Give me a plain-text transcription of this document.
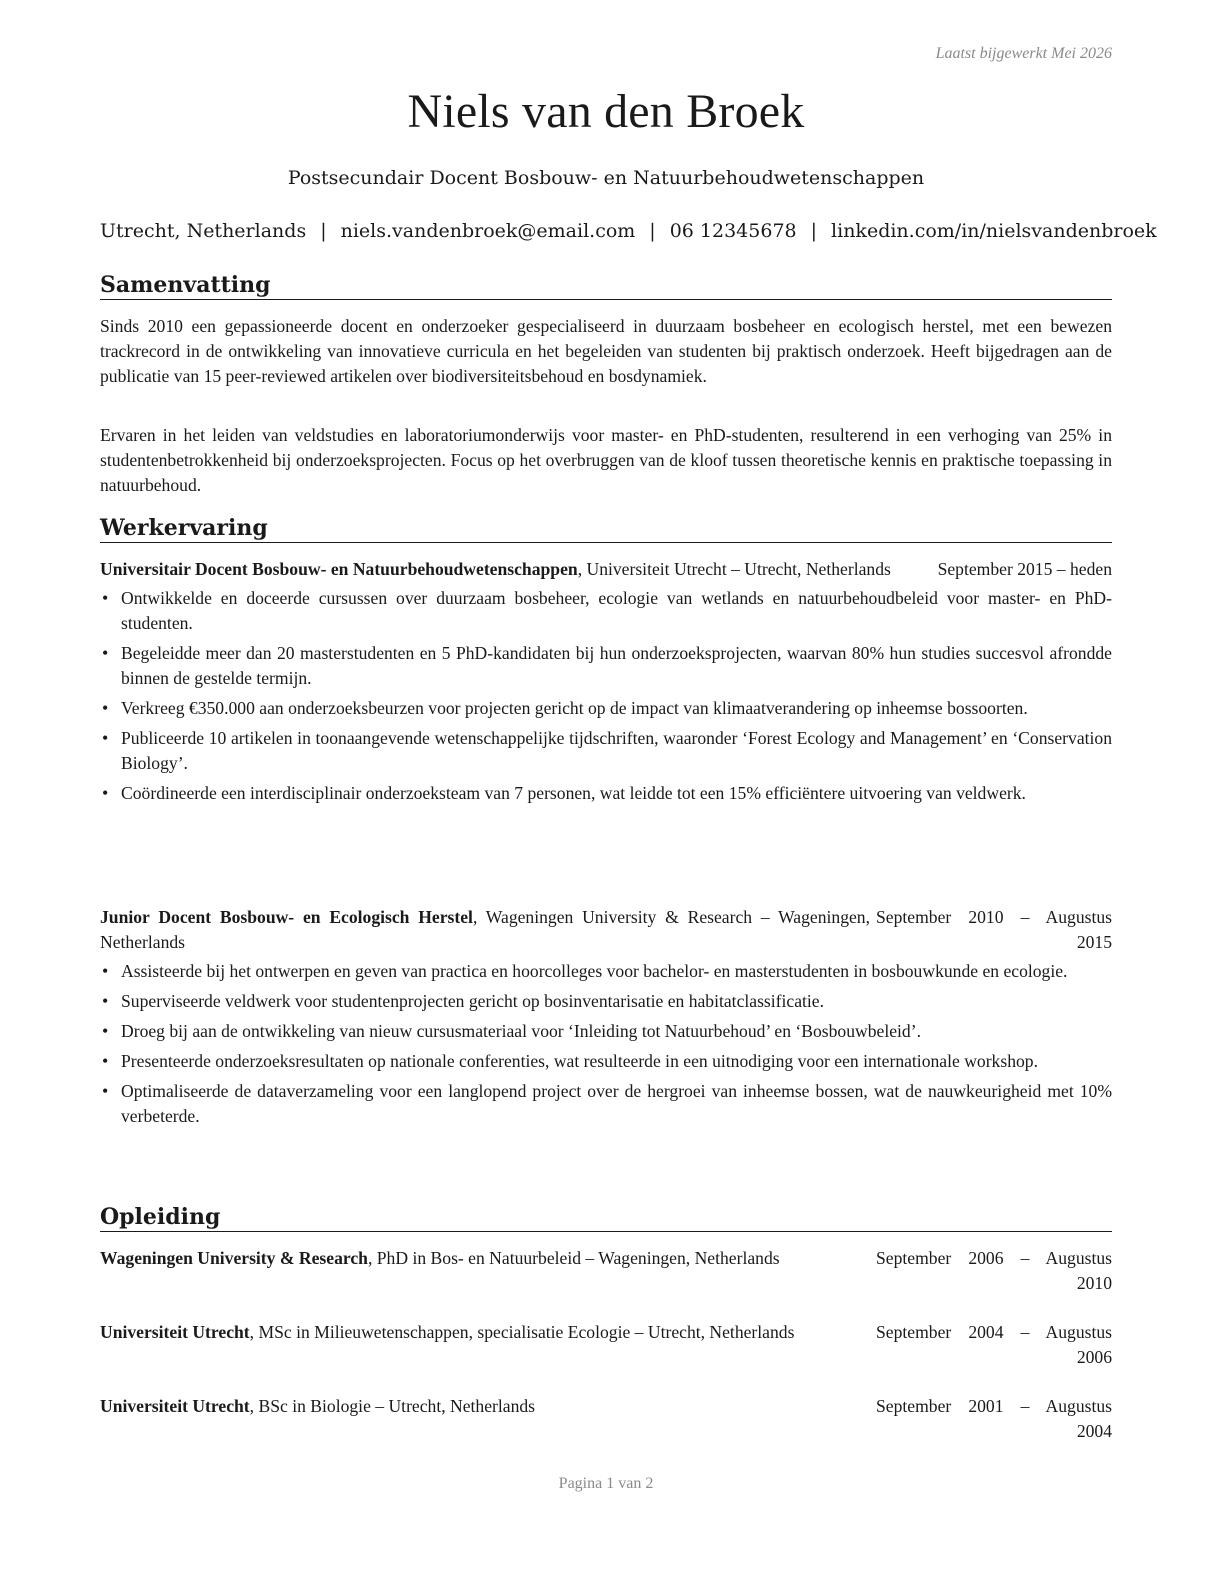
Laatst bijgewerkt Mei 2026
Niels van den Broek
Postsecundair Docent Bosbouw- en Natuurbehoudwetenschappen
Utrecht, Netherlands | niels.vandenbroek@email.com | 06 12345678 | linkedin.com/in/nielsvandenbroek
Samenvatting
Sinds 2010 een gepassioneerde docent en onderzoeker gespecialiseerd in duurzaam bosbeheer en ecologisch herstel, met een bewezen trackrecord in de ontwikkeling van innovatieve curricula en het begeleiden van studenten bij praktisch onderzoek. Heeft bijgedragen aan de publicatie van 15 peer-reviewed artikelen over biodiversiteitsbehoud en bosdynamiek.
Ervaren in het leiden van veldstudies en laboratoriumonderwijs voor master- en PhD-studenten, resulterend in een verhoging van 25% in studentenbetrokkenheid bij onderzoeksprojecten. Focus op het overbruggen van de kloof tussen theoretische kennis en praktische toepassing in natuurbehoud.
Werkervaring
Universitair Docent Bosbouw- en Natuurbehoudwetenschappen, Universiteit Utrecht – Utrecht, Netherlands	September 2015 – heden
• Ontwikkelde en doceerde cursussen over duurzaam bosbeheer, ecologie van wetlands en natuurbehoudbeleid voor master- en PhD-studenten.
• Begeleidde meer dan 20 masterstudenten en 5 PhD-kandidaten bij hun onderzoeksprojecten, waarvan 80% hun studies succesvol afrondde binnen de gestelde termijn.
• Verkreeg €350.000 aan onderzoeksbeurzen voor projecten gericht op de impact van klimaatverandering op inheemse bossoorten.
• Publiceerde 10 artikelen in toonaangevende wetenschappelijke tijdschriften, waaronder ‘Forest Ecology and Management’ en ‘Conservation Biology’.
• Coördineerde een interdisciplinair onderzoeksteam van 7 personen, wat leidde tot een 15% efficiëntere uitvoering van veldwerk.
Junior Docent Bosbouw- en Ecologisch Herstel, Wageningen University & Research – Wageningen, Netherlands
September 2010 – Augustus 2015
• Assisteerde bij het ontwerpen en geven van practica en hoorcolleges voor bachelor- en masterstudenten in bosbouwkunde en ecologie.
• Superviseerde veldwerk voor studentenprojecten gericht op bosinventarisatie en habitatclassificatie.
• Droeg bij aan de ontwikkeling van nieuw cursusmateriaal voor ‘Inleiding tot Natuurbehoud’ en ‘Bosbouwbeleid’.
• Presenteerde onderzoeksresultaten op nationale conferenties, wat resulteerde in een uitnodiging voor een internationale workshop.
• Optimaliseerde de dataverzameling voor een langlopend project over de hergroei van inheemse bossen, wat de nauwkeurigheid met 10% verbeterde.
Opleiding
Wageningen University & Research, PhD in Bos- en Natuurbeleid – Wageningen, Netherlands	September 2006 – Augustus 2010
Universiteit Utrecht, MSc in Milieuwetenschappen, specialisatie Ecologie – Utrecht, Netherlands	September 2004 – Augustus 2006
Universiteit Utrecht, BSc in Biologie – Utrecht, Netherlands	September 2001 – Augustus 2004
Pagina 1 van 2
